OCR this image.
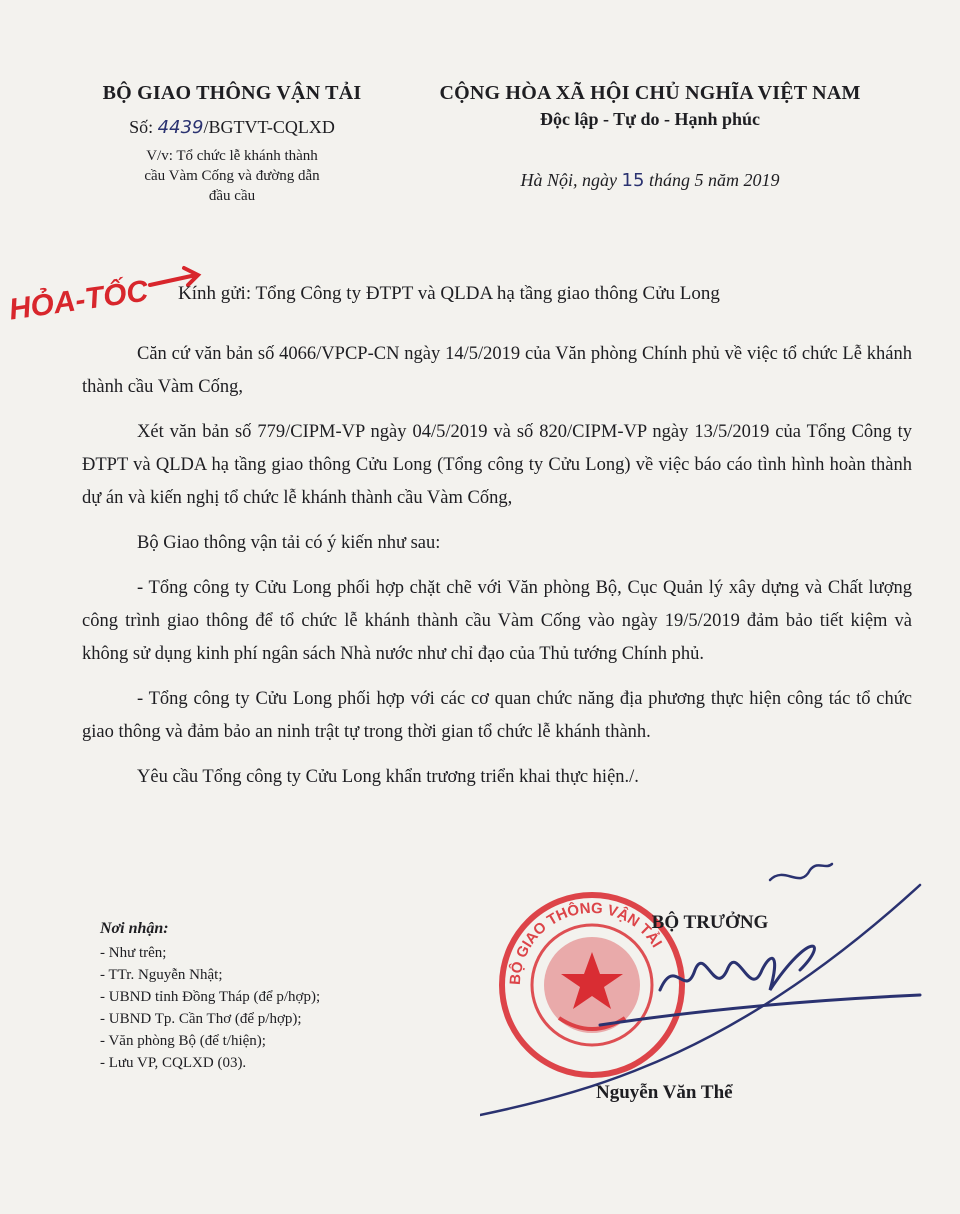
BỘ GIAO THÔNG VẬN TẢI
Số: 4439/BGTVT-CQLXD
V/v: Tổ chức lễ khánh thành
cầu Vàm Cống và đường dẫn
đầu cầu
CỘNG HÒA XÃ HỘI CHỦ NGHĨA VIỆT NAM
Độc lập - Tự do - Hạnh phúc
Hà Nội, ngày 15 tháng 5 năm 2019
HỎA-TỐC Kính gửi: Tổng Công ty ĐTPT và QLDA hạ tầng giao thông Cửu Long

Căn cứ văn bản số 4066/VPCP-CN ngày 14/5/2019 của Văn phòng Chính phủ về việc tổ chức Lễ khánh thành cầu Vàm Cống,

Xét văn bản số 779/CIPM-VP ngày 04/5/2019 và số 820/CIPM-VP ngày 13/5/2019 của Tổng Công ty ĐTPT và QLDA hạ tầng giao thông Cửu Long (Tổng công ty Cửu Long) về việc báo cáo tình hình hoàn thành dự án và kiến nghị tổ chức lễ khánh thành cầu Vàm Cống,

Bộ Giao thông vận tải có ý kiến như sau:

- Tổng công ty Cửu Long phối hợp chặt chẽ với Văn phòng Bộ, Cục Quản lý xây dựng và Chất lượng công trình giao thông để tổ chức lễ khánh thành cầu Vàm Cống vào ngày 19/5/2019 đảm bảo tiết kiệm và không sử dụng kinh phí ngân sách Nhà nước như chỉ đạo của Thủ tướng Chính phủ.

- Tổng công ty Cửu Long phối hợp với các cơ quan chức năng địa phương thực hiện công tác tổ chức giao thông và đảm bảo an ninh trật tự trong thời gian tổ chức lễ khánh thành.

Yêu cầu Tổng công ty Cửu Long khẩn trương triển khai thực hiện./.

Nơi nhận:
- Như trên;
- TTr. Nguyễn Nhật;
- UBND tỉnh Đồng Tháp (để p/hợp);
- UBND Tp. Cần Thơ (để p/hợp);
- Văn phòng Bộ (để t/hiện);
- Lưu VP, CQLXD (03).
BỘ GIAO THÔNG VẬN TẢI
BỘ TRƯỞNG
Nguyễn Văn Thể
